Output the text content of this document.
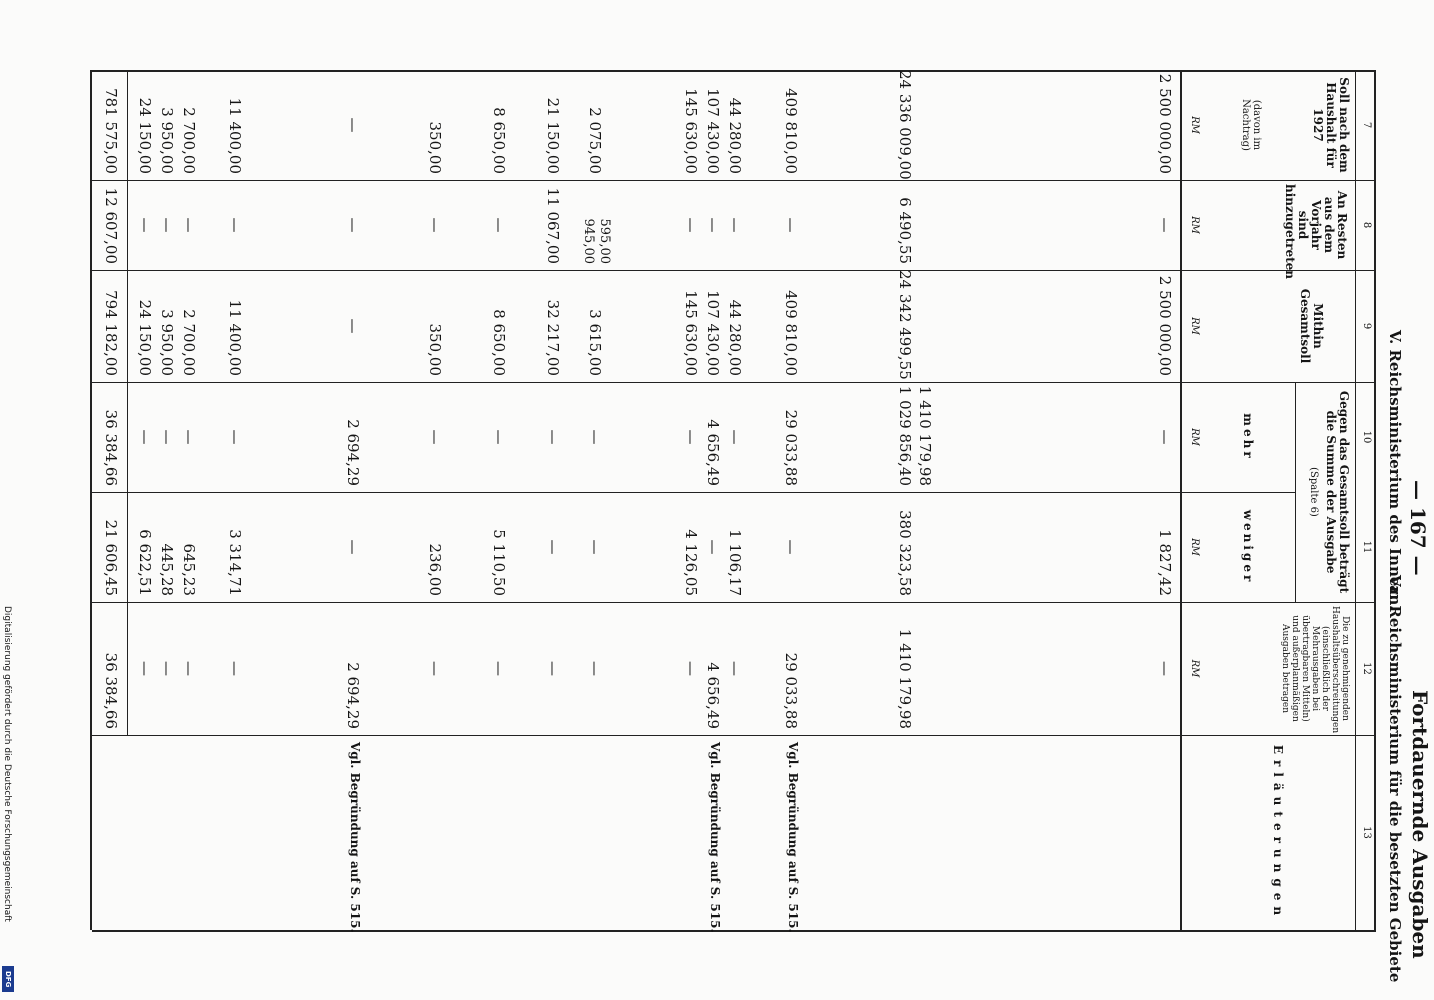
— 167 —
V. Reichsministerium des Innern.
Va. Reichsministerium für die besetzten Gebiete Fortdauernde Ausgaben
7
8
9
10
11
12
13
Soll nach dem Haushalt für 1927
(davon im Nachtrag)
RM
An Resten aus dem Vorjahr sind hinzugetreten
RM
Mithin Gesamtsoll
RM
Gegen das Gesamtsoll beträgt die Summe der Ausgabe
(Spalte 6)
mehr
RM
weniger
RM
Die zu genehmigenden Haushaltsüberschreitungen (einschließlich der Mehrausgaben bei übertragbaren Mitteln) und außerplanmäßigen Ausgaben betragen
RM
Erläuterungen
2 500 000,00
—
2 500 000,00
—
1 827,42
—
24 336 009,00
6 490,55
24 342 499,55
1 410 179,98
1 029 856,40
380 323,58
1 410 179,98
409 810,00
—
409 810,00
29 033,88
—
29 033,88
Vgl. Begründung auf S. 515.
44 280,00
—
44 280,00
—
1 106,17
—
107 430,00
—
107 430,00
4 656,49
—
4 656,49
Vgl. Begründung auf S. 515.
145 630,00
—
145 630,00
—
4 126,05
—
2 075,00
595,00
945,00
3 615,00
—
—
—
21 150,00
11 067,00
32 217,00
—
—
—
8 650,00
—
8 650,00
—
5 110,50
—
350,00
—
350,00
—
236,00
—
—
—
—
2 694,29
—
2 694,29
Vgl. Begründung auf S. 515.
11 400,00
—
11 400,00
—
3 314,71
—
2 700,00
—
2 700,00
—
645,23
—
3 950,00
—
3 950,00
—
445,28
—
24 150,00
—
24 150,00
—
6 622,51
—
781 575,00
12 607,00
794 182,00
36 384,66
21 606,45
36 384,66
Digitalisierung gefördert durch die Deutsche Forschungsgemeinschaft
DFG
